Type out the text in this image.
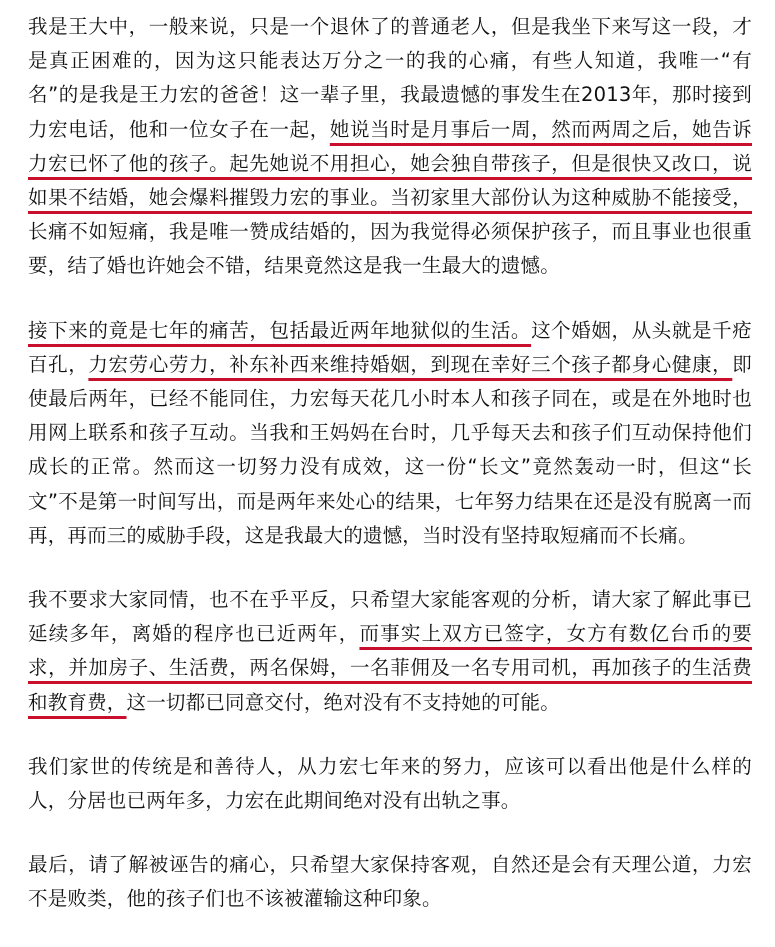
我是王大中，一般来说，只是一个退休了的普通老人，但是我坐下来写这一段，才是真正困难的，因为这只能表达万分之一的我的心痛，有些人知道，我唯一“有名”的是我是王力宏的爸爸！这一辈子里，我最遗憾的事发生在2013年，那时接到力宏电话，他和一位女子在一起，她说当时是月事后一周，然而两周之后，她告诉力宏已怀了他的孩子。起先她说不用担心，她会独自带孩子，但是很快又改口，说如果不结婚，她会爆料摧毁力宏的事业。当初家里大部份认为这种威胁不能接受，长痛不如短痛，我是唯一赞成结婚的，因为我觉得必须保护孩子，而且事业也很重要，结了婚也许她会不错，结果竟然这是我一生最大的遗憾。

接下来的竟是七年的痛苦，包括最近两年地狱似的生活。这个婚姻，从头就是千疮百孔，力宏劳心劳力，补东补西来维持婚姻，到现在幸好三个孩子都身心健康，即使最后两年，已经不能同住，力宏每天花几小时本人和孩子同在，或是在外地时也用网上联系和孩子互动。当我和王妈妈在台时，几乎每天去和孩子们互动保持他们成长的正常。然而这一切努力没有成效，这一份“长文”竟然轰动一时，但这“长文”不是第一时间写出，而是两年来处心的结果，七年努力结果在还是没有脱离一而再，再而三的威胁手段，这是我最大的遗憾，当时没有坚持取短痛而不长痛。

我不要求大家同情，也不在乎平反，只希望大家能客观的分析，请大家了解此事已延续多年，离婚的程序也已近两年，而事实上双方已签字，女方有数亿台币的要求，并加房子、生活费，两名保姆，一名菲佣及一名专用司机，再加孩子的生活费和教育费，这一切都已同意交付，绝对没有不支持她的可能。

我们家世的传统是和善待人，从力宏七年来的努力，应该可以看出他是什么样的人，分居也已两年多，力宏在此期间绝对没有出轨之事。

最后，请了解被诬告的痛心，只希望大家保持客观，自然还是会有天理公道，力宏不是败类，他的孩子们也不该被灌输这种印象。
